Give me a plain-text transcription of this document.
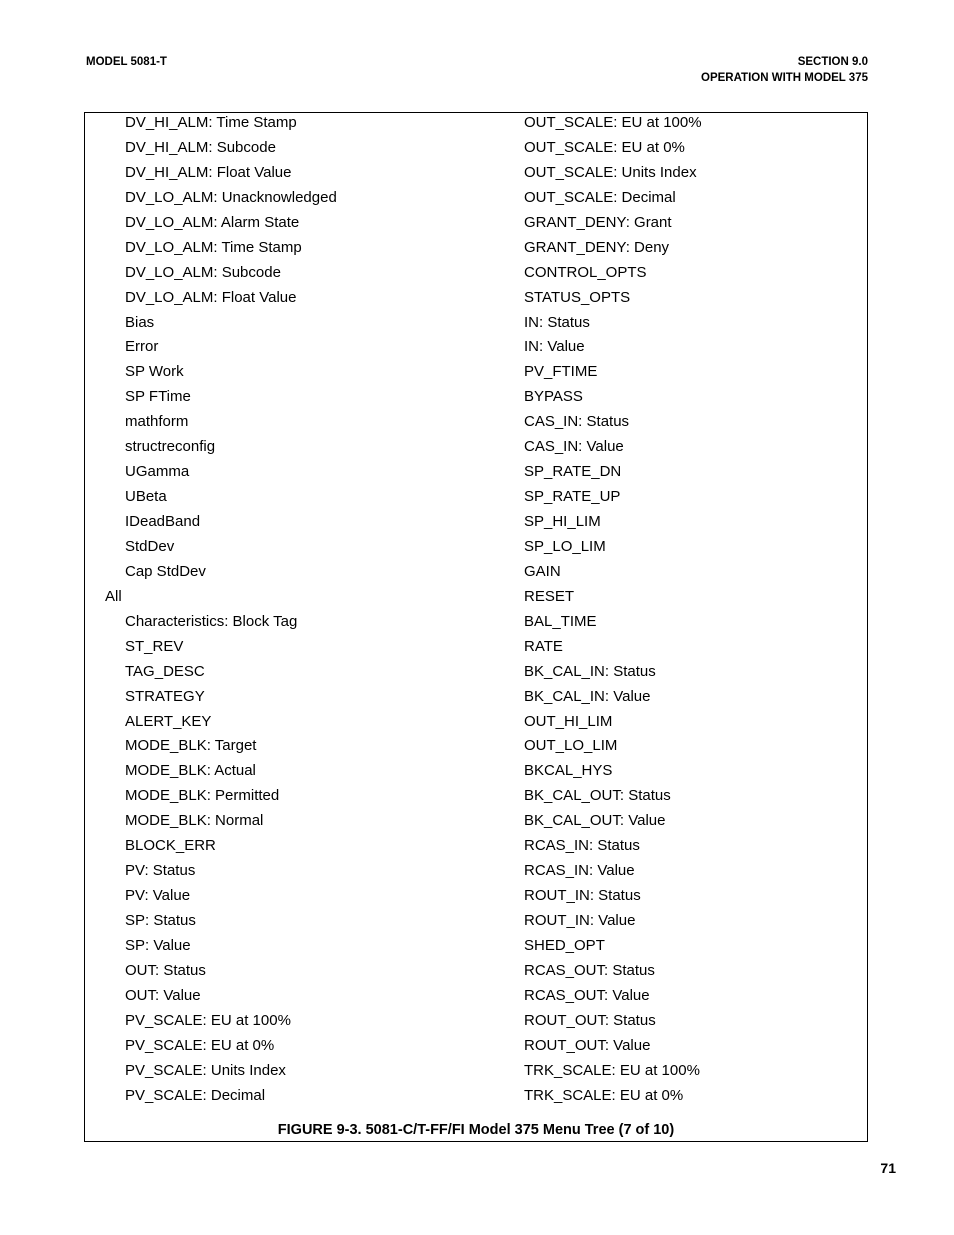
MODEL 5081-T	SECTION 9.0
OPERATION WITH MODEL 375
DV_HI_ALM: Time Stamp
DV_HI_ALM: Subcode
DV_HI_ALM: Float Value
DV_LO_ALM: Unacknowledged
DV_LO_ALM: Alarm State
DV_LO_ALM: Time Stamp
DV_LO_ALM: Subcode
DV_LO_ALM: Float Value
Bias
Error
SP Work
SP FTime
mathform
structreconfig
UGamma
UBeta
IDeadBand
StdDev
Cap StdDev
All
Characteristics: Block Tag
ST_REV
TAG_DESC
STRATEGY
ALERT_KEY
MODE_BLK: Target
MODE_BLK: Actual
MODE_BLK: Permitted
MODE_BLK: Normal
BLOCK_ERR
PV: Status
PV: Value
SP: Status
SP: Value
OUT: Status
OUT: Value
PV_SCALE: EU at 100%
PV_SCALE: EU at 0%
PV_SCALE: Units Index
PV_SCALE: Decimal
OUT_SCALE: EU at 100%
OUT_SCALE: EU at 0%
OUT_SCALE: Units Index
OUT_SCALE: Decimal
GRANT_DENY: Grant
GRANT_DENY: Deny
CONTROL_OPTS
STATUS_OPTS
IN: Status
IN: Value
PV_FTIME
BYPASS
CAS_IN: Status
CAS_IN: Value
SP_RATE_DN
SP_RATE_UP
SP_HI_LIM
SP_LO_LIM
GAIN
RESET
BAL_TIME
RATE
BK_CAL_IN: Status
BK_CAL_IN: Value
OUT_HI_LIM
OUT_LO_LIM
BKCAL_HYS
BK_CAL_OUT: Status
BK_CAL_OUT: Value
RCAS_IN: Status
RCAS_IN: Value
ROUT_IN: Status
ROUT_IN: Value
SHED_OPT
RCAS_OUT: Status
RCAS_OUT: Value
ROUT_OUT: Status
ROUT_OUT: Value
TRK_SCALE: EU at 100%
TRK_SCALE: EU at 0%
FIGURE 9-3. 5081-C/T-FF/FI Model 375 Menu Tree (7 of 10)
71
